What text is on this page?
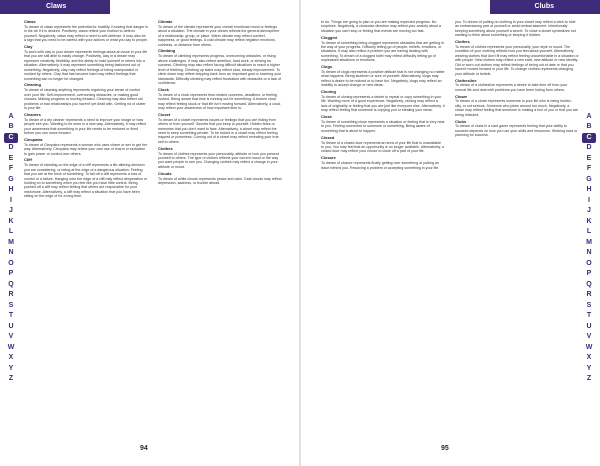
Claws
Claws
To dream of claws represents the potential for hostility. Knowing that danger is in the air if it is desired. Positively, claws reflect your instinct to defend yourself. Negatively, claws may reflect a need to self-defense. It may also be a sign that you need to be careful with your actions or what you say to people.
Clay
To work with clay in your dream represents feelings about an issue in your life that you are still able to easily change. Positively, clay in a dream may represent creativity, flexibility, and the ability to mold yourself or others into a situation. Alternatively, it may represent something being fashioned out of something. Negatively, clay may reflect feelings of being manipulated or molded by others. Clay that has become hard may reflect feelings that something can no longer be changed.
Cleaning
To dream of cleaning anything represents regaining your sense of control over your life. Self-improvement, overcoming obstacles, or making good choices. Making progress or moving forward. Cleaning may also reflect old problems or bad relationships you haven't yet dealt with. Getting rid of clutter in your life.
Cleaners
To dream of a dry cleaner represents a need to improve your image or how people see you. Wanting to be seen in a new way. Alternatively, it may reflect your awareness that something in your life needs to be restored or fixed before you can move forward.
Cleopatra
To dream of Cleopatra represents a woman who uses charm or sex to get her way. Alternatively, Cleopatra may reflect your own use of charm or seduction to gain power or control over others.
Cliff
To dream of standing on the edge of a cliff represents a life-altering decision you are considering, or being at the edge of a dangerous situation. Feeling that you are at the brink of something. To fall off a cliff represents a loss of control or a failure. Hanging onto the edge of a cliff may reflect desperation or holding on to something when you feel like you have little control. Being pushed off a cliff may reflect feeling that others are responsible for your misfortune. Alternatively, a cliff may reflect a situation that you have been sitting on the edge of for a long time.
Climate
To dream of the climate represents your overall emotional mood or feelings about a situation. The climate in your dream reflects the general atmosphere of a relationship, group, or place. Warm climate may reflect comfort, happiness, or good feelings. A cold climate may reflect negative emotions, coldness, or distance from others.
Climbing
To dream of climbing represents progress, overcoming obstacles, or rising above challenges. It may also reflect ambition, hard work, or striving for success. Climbing may also reflect facing difficult situations to reach a higher level of thinking. Climbing up stairs may reflect slow, steady improvement. To climb down may reflect stepping back from an important goal or lowering your standards. Difficulty climbing may reflect frustration with obstacles or a lack of confidence.
Clock
To dream of a clock represents time-related concerns, deadlines, or feeling rushed. Being aware that time is running out for something. A broken clock may reflect feeling stuck or that life isn't moving forward. Alternatively, a clock may reflect your awareness of how important time is.
Closet
To dream of a closet represents issues or feelings that you are hiding from others or from yourself. Secrets that you keep to yourself. Hidden fears or memories that you don't want to face. Alternatively, a closet may reflect the need to keep something private. To be locked in a closet may reflect feeling trapped or powerless. Coming out of a closet may reflect revealing your true self to others.
Clothes
To dream of clothes represents your personality, attitude or how you present yourself to others. The type of clothes reflects your current mood or the way you want people to see you. Changing clothes may reflect a change in your attitude or mood.
Clouds
To dream of white clouds represents peace and calm. Dark clouds may reflect depression, sadness, or trouble ahead.
A
B
C
D
E
F
G
H
I
J
K
L
M
N
O
P
Q
R
S
T
U
V
W
X
Y
Z
94
Clubs
to do. Things are going to plan or you are making expected progress. No surprises. Negatively, a clockwise direction may reflect your anxiety about a situation you can't stop or feeling that events are moving too fast.
Clogged
To dream of something being clogged represents obstacles that are getting in the way of your progress. Difficulty letting go of people, beliefs, emotions, or situations. It may also reflect a problem you are having dealing with something. To dream of a clogged toilet may reflect difficulty letting go of unpleasant situations or emotions.
Clogs
To dream of clogs represents a positive attitude that is not changing no matter what happens. Being stubborn or sure of yourself. Alternatively, clogs may reflect a desire to be noticed or to have fun. Negatively, clogs may reflect an inability to accept change or new ideas.
Cloning
To dream of cloning represents a desire to repeat or copy something in your life. Wanting more of a good experience. Negatively, cloning may reflect a lack of originality or feeling that you are just like everyone else. Alternatively, it may reflect feeling that someone is copying you or stealing your ideas.
Close
To dream of something close represents a situation or feeling that is very near to you. Feeling connected to someone or something. Being aware of something that is about to happen.
Closed
To dream of a closed door represents an area of your life that is unavailable to you. You may feel that an opportunity is no longer available. Alternatively, a closed door may reflect your choice to close off a part of your life.
Closure
To dream of closure represents finally getting over something or putting an issue behind you. Resolving a problem or accepting something in your life.
you. To dream of putting on clothing in your closet may reflect a wish to hide an embarrassing part of yourself or avoid embarrassment. Intentionally keeping something about yourself a secret. To close a closet symbolizes not wanting to think about something or keeping it hidden.
Clothes
To dream of clothes represents your personality, your style or mood. The condition of your clothing reflects how you feel about yourself. Alternatively, wearing clothes that don't fit may reflect feeling uncomfortable in a situation or with people. New clothes may reflect a new start, new attitude or new identity. Old or worn out clothes may reflect feelings of being out of date or that you haven't moved forward in your life. To change clothes represents changing your attitude or beliefs.
Clothesline
To dream of a clothesline represents a desire to take time off from your normal life and deal with problems you have been hiding from others.
Clown
To dream of a clown represents someone in your life who is being foolish, silly, or not serious. Someone who jokes around too much. Negatively, a clown may reflect feeling that someone is making a fool of you or that you are being ridiculed.
Clubs
To dream of clubs in a card game represents feeling that your ability to succeed depends on how you use your skills and resources. Working hard or planning for success.
A
B
C
D
E
F
G
H
I
J
K
L
M
N
O
P
Q
R
S
T
U
V
W
X
Y
Z
95
